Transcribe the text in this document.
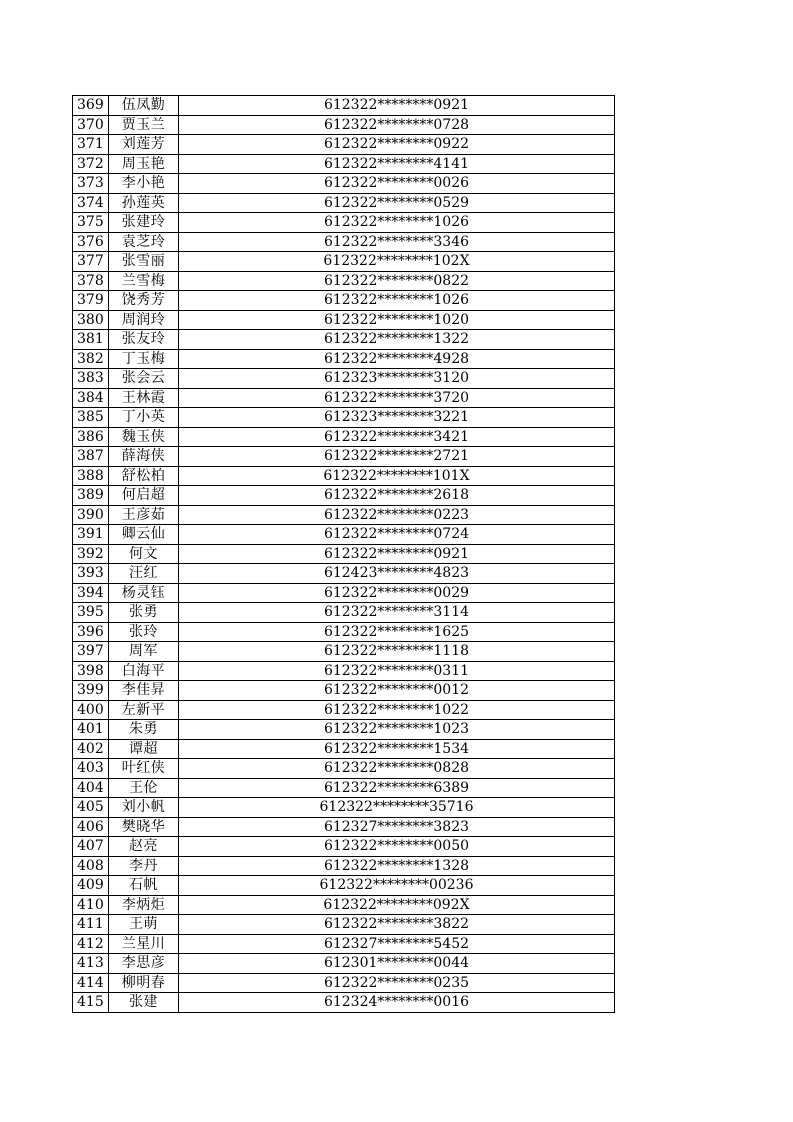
369	伍凤勤	612322********0921
370	贾玉兰	612322********0728
371	刘莲芳	612322********0922
372	周玉艳	612322********4141
373	李小艳	612322********0026
374	孙莲英	612322********0529
375	张建玲	612322********1026
376	袁芝玲	612322********3346
377	张雪丽	612322********102X
378	兰雪梅	612322********0822
379	饶秀芳	612322********1026
380	周润玲	612322********1020
381	张友玲	612322********1322
382	丁玉梅	612322********4928
383	张会云	612323********3120
384	王林霞	612322********3720
385	丁小英	612323********3221
386	魏玉侠	612322********3421
387	薛海侠	612322********2721
388	舒松柏	612322********101X
389	何启超	612322********2618
390	王彦茹	612322********0223
391	卿云仙	612322********0724
392	何文	612322********0921
393	汪红	612423********4823
394	杨灵钰	612322********0029
395	张勇	612322********3114
396	张玲	612322********1625
397	周军	612322********1118
398	白海平	612322********0311
399	李佳昇	612322********0012
400	左新平	612322********1022
401	朱勇	612322********1023
402	谭超	612322********1534
403	叶红侠	612322********0828
404	王伦	612322********6389
405	刘小帆	612322********35716
406	樊晓华	612327********3823
407	赵亮	612322********0050
408	李丹	612322********1328
409	石帆	612322********00236
410	李炳炬	612322********092X
411	王萌	612322********3822
412	兰星川	612327********5452
413	李思彦	612301********0044
414	柳明春	612322********0235
415	张建	612324********0016
